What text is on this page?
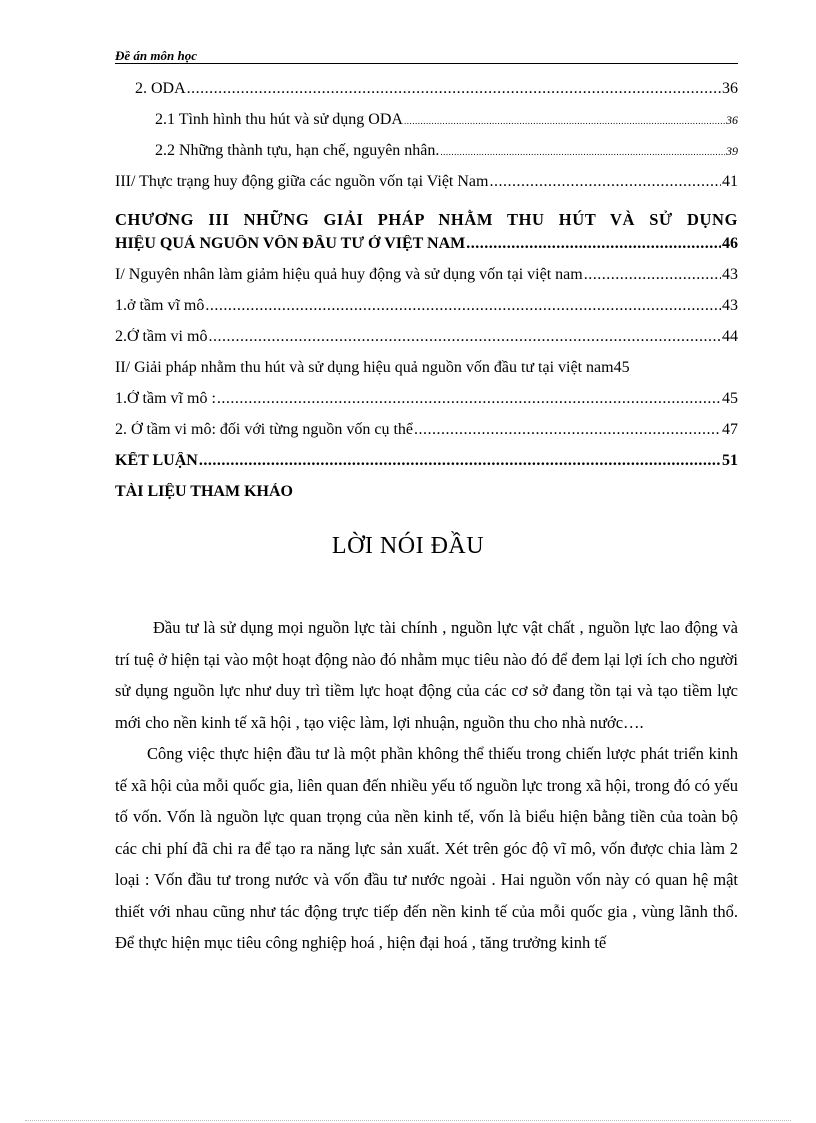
Đề án môn học
2. ODA .....	36
2.1 Tình hình thu hút và sử dụng ODA .....	36
2.2 Những thành tựu, hạn chế, nguyên nhân. .....	39
III/ Thực trạng huy động giữa các nguồn vốn tại Việt Nam .....	41
CHƯƠNG III NHỮNG GIẢI PHÁP NHẰM THU HÚT VÀ SỬ DỤNG
HIỆU QUẢ NGUỒN VỐN ĐẦU TƯ Ở VIỆT NAM .....	46
I/ Nguyên nhân làm giảm hiệu quả huy động và sử dụng vốn tại việt nam .....	43
1.ở tầm vĩ mô .....	43
2.Ở tầm vi mô .....	44
II/ Giải pháp nhằm thu hút và sử dụng hiệu quả nguồn vốn đầu tư tại việt nam 45
1.Ở tầm vĩ mô : .....	45
2. Ở tầm vi mô: đối với từng nguồn vốn cụ thể .....	47
KẾT LUẬN .....	51
TÀI LIỆU THAM KHẢO
LỜI NÓI ĐẦU

Đầu tư là sử dụng mọi nguồn lực tài chính , nguồn lực vật chất , nguồn lực lao động và trí tuệ ở hiện tại vào một hoạt động nào đó nhằm mục tiêu nào đó để đem lại lợi ích cho người sử dụng nguồn lực như duy trì tiềm lực hoạt động của các cơ sở đang tồn tại và tạo tiềm lực mới cho nền kinh tế xã hội , tạo việc làm, lợi nhuận, nguồn thu cho nhà nước….

Công việc thực hiện đầu tư là một phần không thể thiếu trong chiến lược phát triển kinh tế xã hội của mỗi quốc gia, liên quan đến nhiều yếu tố nguồn lực trong xã hội, trong đó có yếu tố vốn. Vốn là nguồn lực quan trọng của nền kinh tế, vốn là biểu hiện bằng tiền của toàn bộ các chi phí đã chi ra để tạo ra năng lực sản xuất. Xét trên góc độ vĩ mô, vốn được chia làm 2 loại : Vốn đầu tư trong nước và vốn đầu tư nước ngoài . Hai nguồn vốn này có quan hệ mật thiết với nhau cũng như tác động trực tiếp đến nền kinh tế của mỗi quốc gia , vùng lãnh thổ. Để thực hiện mục tiêu công nghiệp hoá , hiện đại hoá , tăng trưởng kinh tế
